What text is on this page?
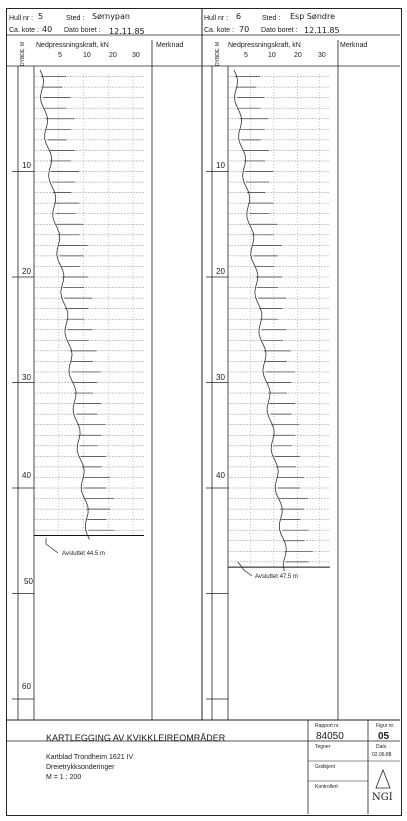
Hull nr : 5	Sted : Sørnypan
Ca. kote : 40 Dato boret : 12.11.85
Hull nr : 6	Sted : Esp Søndre
Ca. kote : 70 Dato boret : 12.11.85
Nedpressningskraft, kN	Merknad	Nedpressningskraft, kN	Merknad
DYBDE, M	DYBDE, M
5	10	20 30	5	10	20 30
10
20
30
40
50
60
10
20
30
40
Avsluttet 44.5 m
Avsluttet 47.5 m
KARTLEGGING AV KVIKKLEIREOMRÅDER
Kartblad Trondheim 1621 IV
Dreietrykksonderinger
M = 1 : 200
Rapport nr.
84050
Figur nr.
05
Tegner	Dato
02.06.88
Godkjent
Kontrollert
NGI
